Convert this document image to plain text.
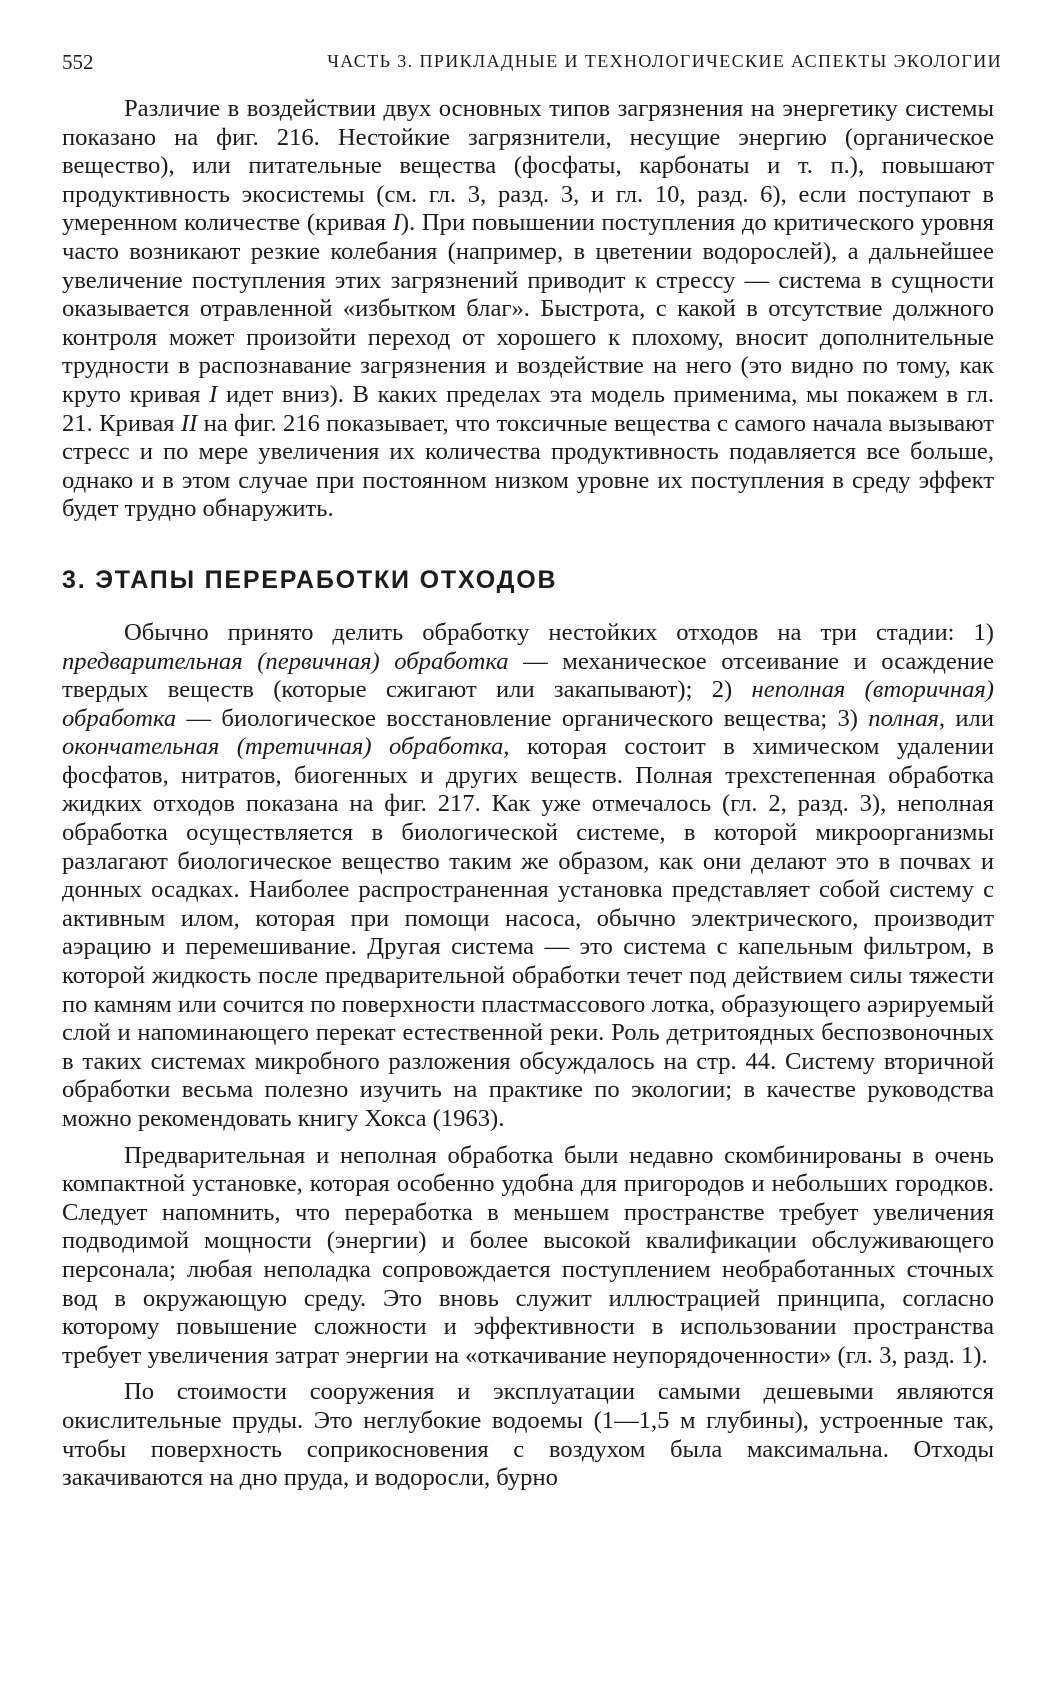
552	ЧАСТЬ 3. ПРИКЛАДНЫЕ И ТЕХНОЛОГИЧЕСКИЕ АСПЕКТЫ ЭКОЛОГИИ

Различие в воздействии двух основных типов загрязнения на энергетику системы показано на фиг. 216. Нестойкие загрязнители, несущие энергию (органическое вещество), или питательные вещества (фосфаты, карбонаты и т. п.), повышают продуктивность экосистемы (см. гл. 3, разд. 3, и гл. 10, разд. 6), если поступают в умеренном количестве (кривая I). При повышении поступления до критического уровня часто возникают резкие колебания (например, в цветении водорослей), а дальнейшее увеличение поступления этих загрязнений приводит к стрессу — система в сущности оказывается отравленной «избытком благ». Быстрота, с какой в отсутствие должного контроля может произойти переход от хорошего к плохому, вносит дополнительные трудности в распознавание загрязнения и воздействие на него (это видно по тому, как круто кривая I идет вниз). В каких пределах эта модель применима, мы покажем в гл. 21. Кривая II на фиг. 216 показывает, что токсичные вещества с самого начала вызывают стресс и по мере увеличения их количества продуктивность подавляется все больше, однако и в этом случае при постоянном низком уровне их поступления в среду эффект будет трудно обнаружить.

3. ЭТАПЫ ПЕРЕРАБОТКИ ОТХОДОВ

Обычно принято делить обработку нестойких отходов на три стадии: 1) предварительная (первичная) обработка — механическое отсеивание и осаждение твердых веществ (которые сжигают или закапывают); 2) неполная (вторичная) обработка — биологическое восстановление органического вещества; 3) полная, или окончательная (третичная) обработка, которая состоит в химическом удалении фосфатов, нитратов, биогенных и других веществ. Полная трехстепенная обработка жидких отходов показана на фиг. 217. Как уже отмечалось (гл. 2, разд. 3), неполная обработка осуществляется в биологической системе, в которой микроорганизмы разлагают биологическое вещество таким же образом, как они делают это в почвах и донных осадках. Наиболее распространенная установка представляет собой систему с активным илом, которая при помощи насоса, обычно электрического, производит аэрацию и перемешивание. Другая система — это система с капельным фильтром, в которой жидкость после предварительной обработки течет под действием силы тяжести по камням или сочится по поверхности пластмассового лотка, образующего аэрируемый слой и напоминающего перекат естественной реки. Роль детритоядных беспозвоночных в таких системах микробного разложения обсуждалось на стр. 44. Систему вторичной обработки весьма полезно изучить на практике по экологии; в качестве руководства можно рекомендовать книгу Хокса (1963).

Предварительная и неполная обработка были недавно скомбинированы в очень компактной установке, которая особенно удобна для пригородов и небольших городков. Следует напомнить, что переработка в меньшем пространстве требует увеличения подводимой мощности (энергии) и более высокой квалификации обслуживающего персонала; любая неполадка сопровождается поступлением необработанных сточных вод в окружающую среду. Это вновь служит иллюстрацией принципа, согласно которому повышение сложности и эффективности в использовании пространства требует увеличения затрат энергии на «откачивание неупорядоченности» (гл. 3, разд. 1).

По стоимости сооружения и эксплуатации самыми дешевыми являются окислительные пруды. Это неглубокие водоемы (1—1,5 м глубины), устроенные так, чтобы поверхность соприкосновения с воздухом была максимальна. Отходы закачиваются на дно пруда, и водоросли, бурно
